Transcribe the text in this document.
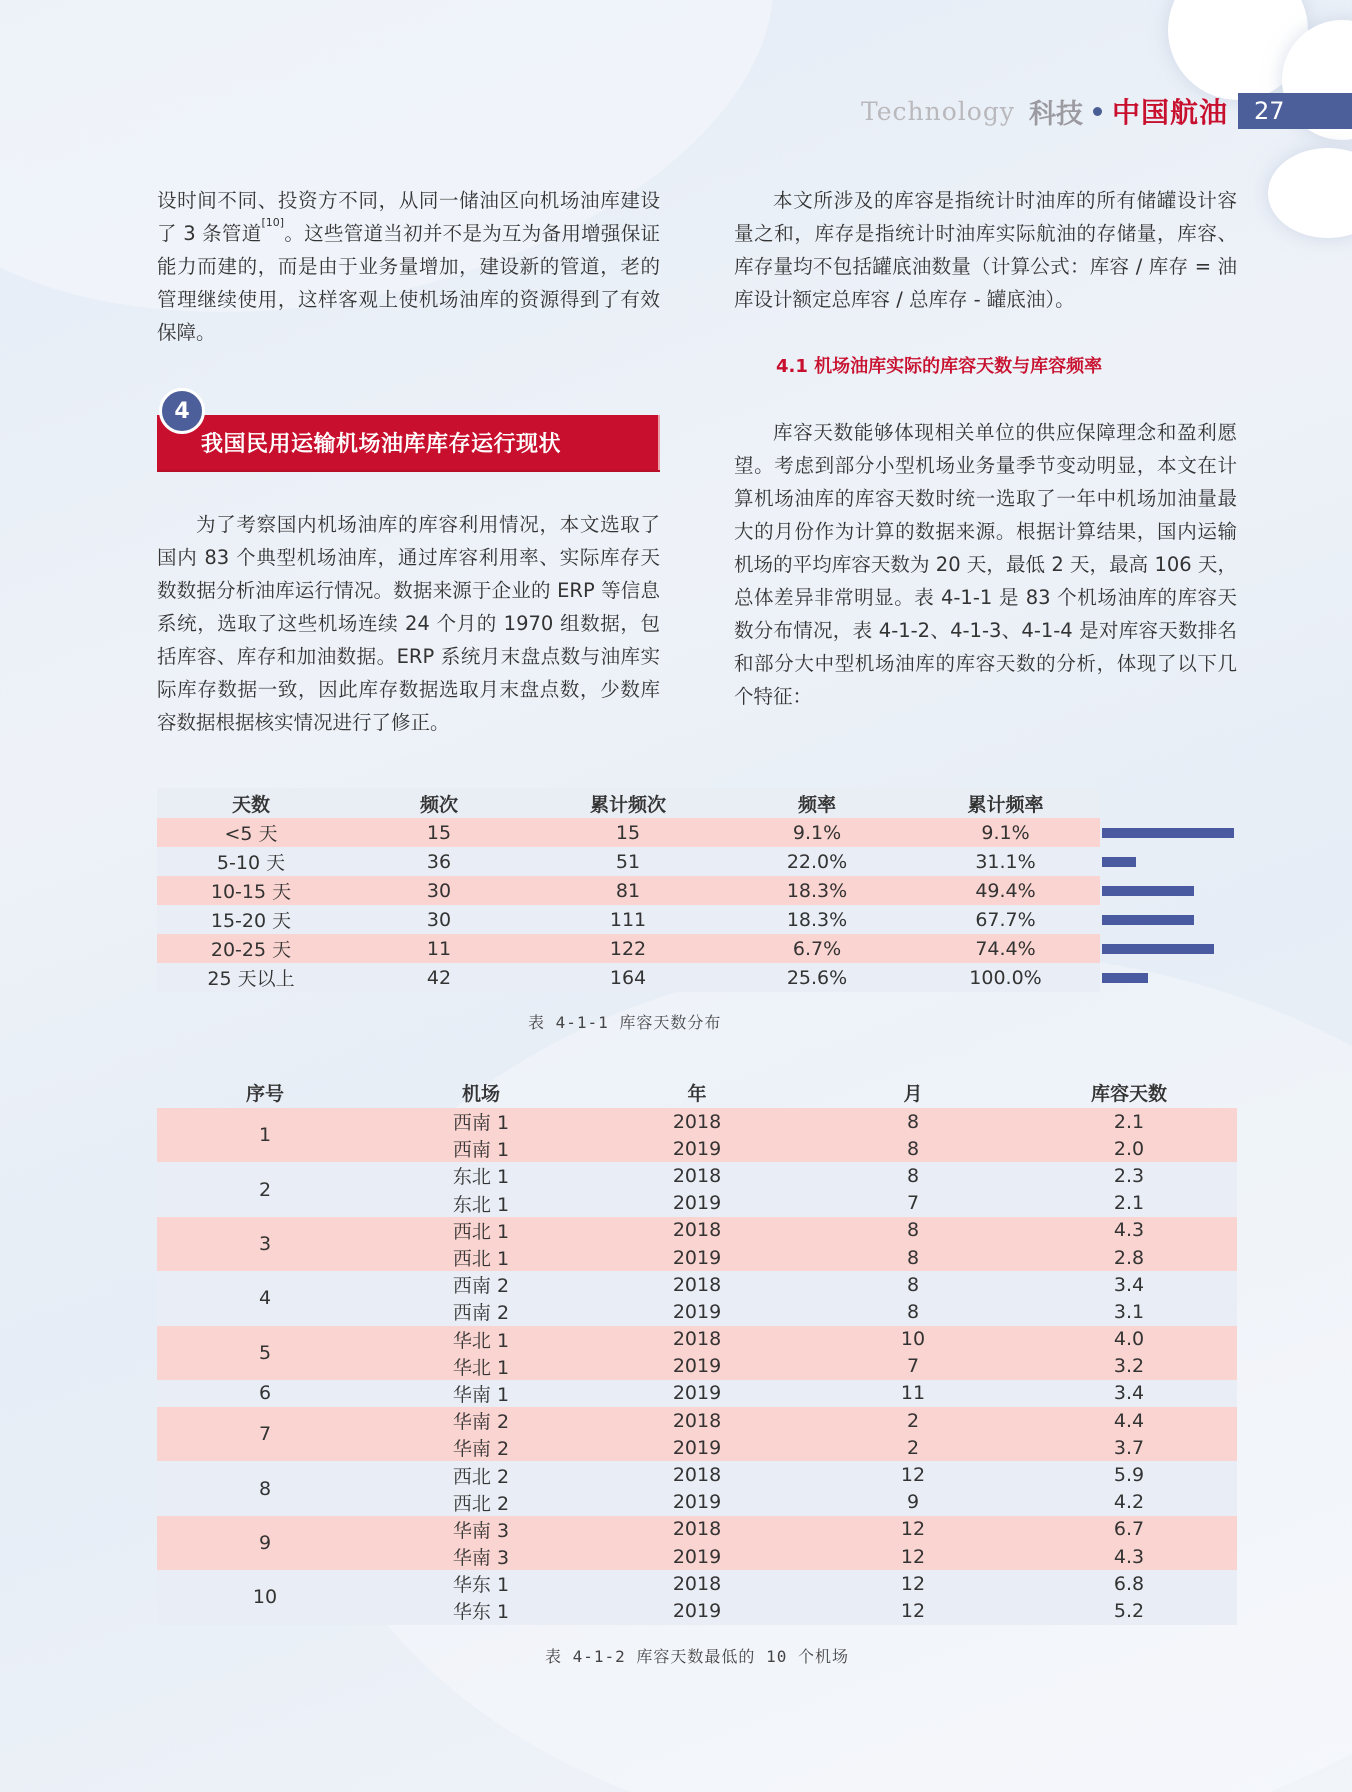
Technology 科技 中国航油	27

设时间不同、投资方不同，从同一储油区向机场油库建设了 3 条管道[10]。这些管道当初并不是为互为备用增强保证能力而建的，而是由于业务量增加，建设新的管道，老的管理继续使用，这样客观上使机场油库的资源得到了有效保障。

我国民用运输机场油库库存运行现状
4

为了考察国内机场油库的库容利用情况，本文选取了国内 83 个典型机场油库，通过库容利用率、实际库存天数数据分析油库运行情况。数据来源于企业的 ERP 等信息系统，选取了这些机场连续 24 个月的 1970 组数据，包括库容、库存和加油数据。ERP 系统月末盘点数与油库实际库存数据一致，因此库存数据选取月末盘点数，少数库容数据根据核实情况进行了修正。

本文所涉及的库容是指统计时油库的所有储罐设计容量之和，库存是指统计时油库实际航油的存储量，库容、库存量均不包括罐底油数量（计算公式：库容 / 库存 = 油库设计额定总库容 / 总库存 - 罐底油）。

4.1 机场油库实际的库容天数与库容频率

库容天数能够体现相关单位的供应保障理念和盈利愿望。考虑到部分小型机场业务量季节变动明显，本文在计算机场油库的库容天数时统一选取了一年中机场加油量最大的月份作为计算的数据来源。根据计算结果，国内运输机场的平均库容天数为 20 天，最低 2 天，最高 106 天，总体差异非常明显。表 4-1-1 是 83 个机场油库的库容天数分布情况，表 4-1-2、4-1-3、4-1-4 是对库容天数排名和部分大中型机场油库的库容天数的分析，体现了以下几个特征：

天数	频次	累计频次	频率	累计频率
<5 天	15	15	9.1%	9.1%
5-10 天	36	51	22.0%	31.1%
10-15 天	30	81	18.3%	49.4%
15-20 天	30	111	18.3%	67.7%
20-25 天	11	122	6.7%	74.4%
25 天以上	42	164	25.6%	100.0%
表 4-1-1 库容天数分布
序号	机场	年	月	库容天数
1	西南 1	2018	8	2.1
	西南 1	2019	8	2.0
2	东北 1	2018	8	2.3
	东北 1	2019	7	2.1
3	西北 1	2018	8	4.3
	西北 1	2019	8	2.8
4	西南 2	2018	8	3.4
	西南 2	2019	8	3.1
5	华北 1	2018	10	4.0
	华北 1	2019	7	3.2
6	华南 1	2019	11	3.4
7	华南 2	2018	2	4.4
	华南 2	2019	2	3.7
8	西北 2	2018	12	5.9
	西北 2	2019	9	4.2
9	华南 3	2018	12	6.7
	华南 3	2019	12	4.3
10	华东 1	2018	12	6.8
	华东 1	2019	12	5.2
表 4-1-2 库容天数最低的 10 个机场
